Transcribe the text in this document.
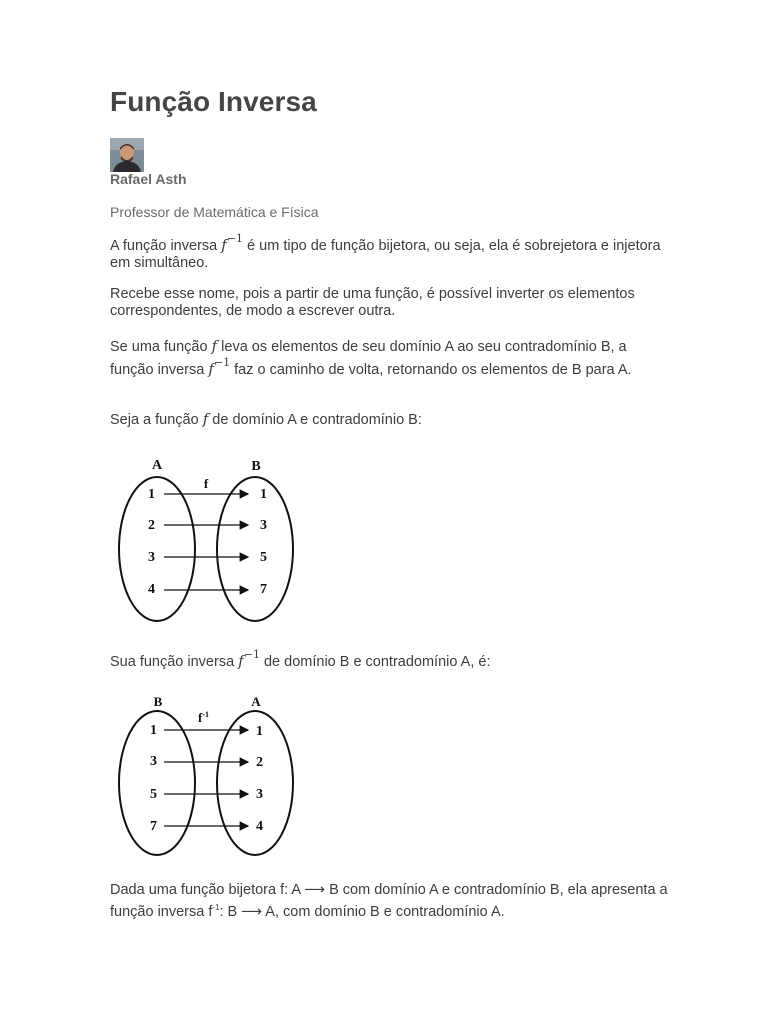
Função Inversa
Rafael Asth
Professor de Matemática e Física

A função inversa $f^{-1}$ é um tipo de função bijetora, ou seja, ela é sobrejetora e injetora em simultâneo.

Recebe esse nome, pois a partir de uma função, é possível inverter os elementos correspondentes, de modo a escrever outra.

Se uma função f leva os elementos de seu domínio A ao seu contradomínio B, a função inversa $f^{-1}$ faz o caminho de volta, retornando os elementos de B para A.

Seja a função f de domínio A e contradomínio B:

A	B
f
1
2
3
4
1
3
5
7

Sua função inversa $f^{-1}$ de domínio B e contradomínio A, é:

B	A
$f^{-1}$
1
3
5
7
1
2
3
4

Dada uma função bijetora f: A ⟶ B com domínio A e contradomínio B, ela apresenta a função inversa $f^{-1}$: B ⟶ A, com domínio B e contradomínio A.
